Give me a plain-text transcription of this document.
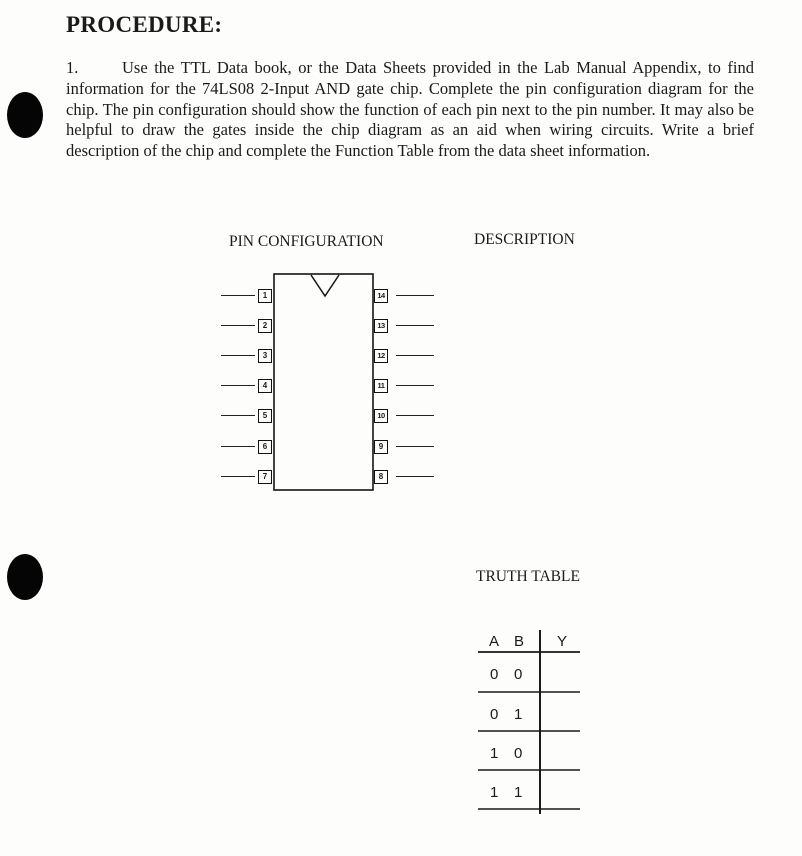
PROCEDURE:
1.	Use the TTL Data book, or the Data Sheets provided in the Lab Manual Appendix, to find information for the 74LS08 2-Input AND gate chip. Complete the pin configuration diagram for the chip. The pin configuration should show the function of each pin next to the pin number. It may also be helpful to draw the gates inside the chip diagram as an aid when wiring circuits. Write a brief description of the chip and complete the Function Table from the data sheet information.
PIN CONFIGURATION	DESCRIPTION
TRUTH TABLE
1
2
3
4
5
6
7
14
13
12
11
10
9
8
A B Y
0 0
0 1
1 0
1 1
